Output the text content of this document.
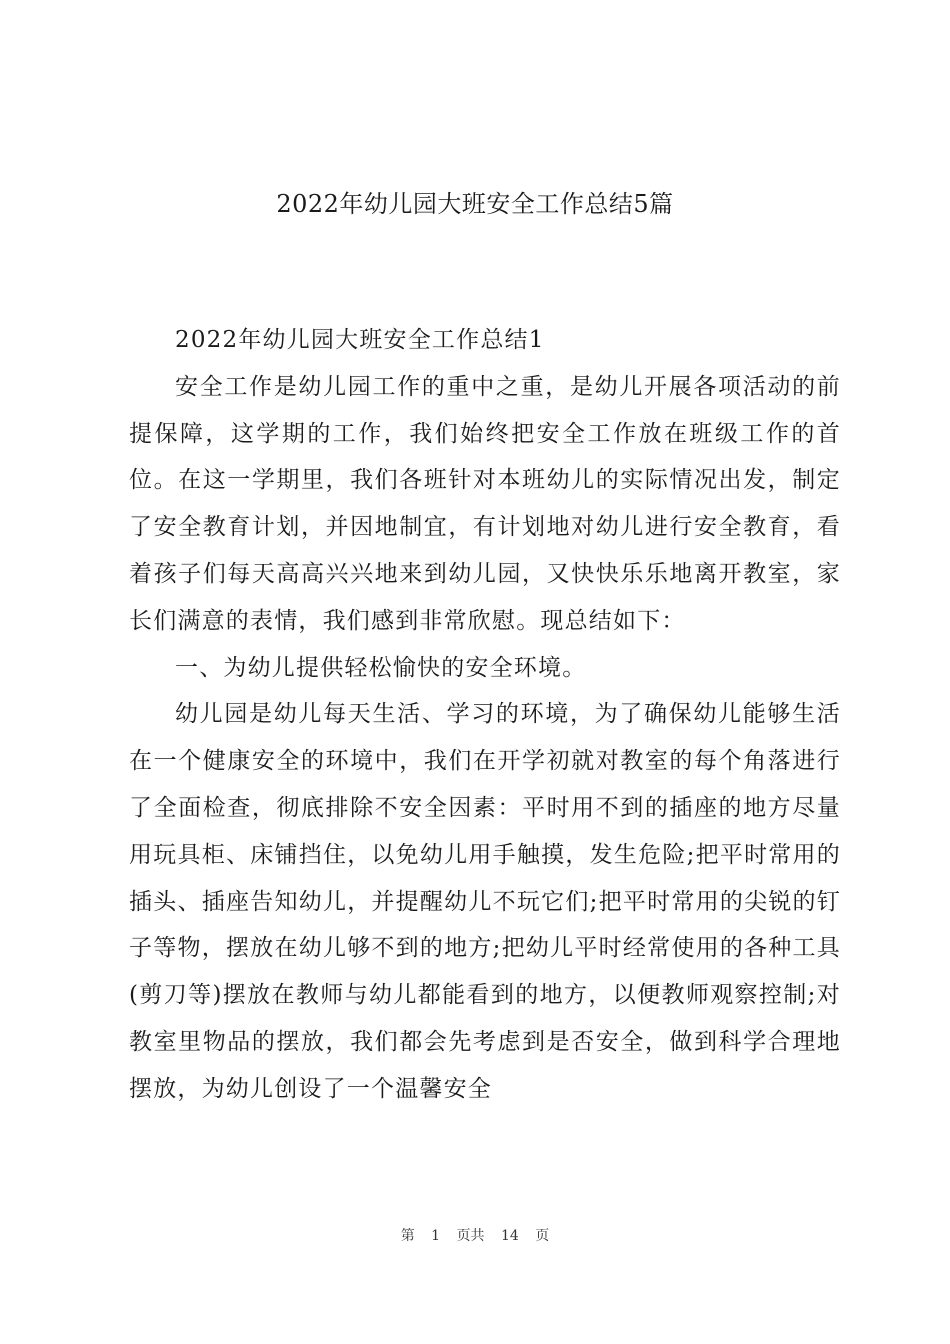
2022年幼儿园大班安全工作总结5篇

2022年幼儿园大班安全工作总结1

安全工作是幼儿园工作的重中之重，是幼儿开展各项活动的前提保障，这学期的工作，我们始终把安全工作放在班级工作的首位。在这一学期里，我们各班针对本班幼儿的实际情况出发，制定了安全教育计划，并因地制宜，有计划地对幼儿进行安全教育，看着孩子们每天高高兴兴地来到幼儿园，又快快乐乐地离开教室，家长们满意的表情，我们感到非常欣慰。现总结如下：

一、为幼儿提供轻松愉快的安全环境。

幼儿园是幼儿每天生活、学习的环境，为了确保幼儿能够生活在一个健康安全的环境中，我们在开学初就对教室的每个角落进行了全面检查，彻底排除不安全因素：平时用不到的插座的地方尽量用玩具柜、床铺挡住，以免幼儿用手触摸，发生危险;把平时常用的插头、插座告知幼儿，并提醒幼儿不玩它们;把平时常用的尖锐的钉子等物，摆放在幼儿够不到的地方;把幼儿平时经常使用的各种工具(剪刀等)摆放在教师与幼儿都能看到的地方，以便教师观察控制;对教室里物品的摆放，我们都会先考虑到是否安全，做到科学合理地摆放，为幼儿创设了一个温馨安全

第 1 页共 14 页
